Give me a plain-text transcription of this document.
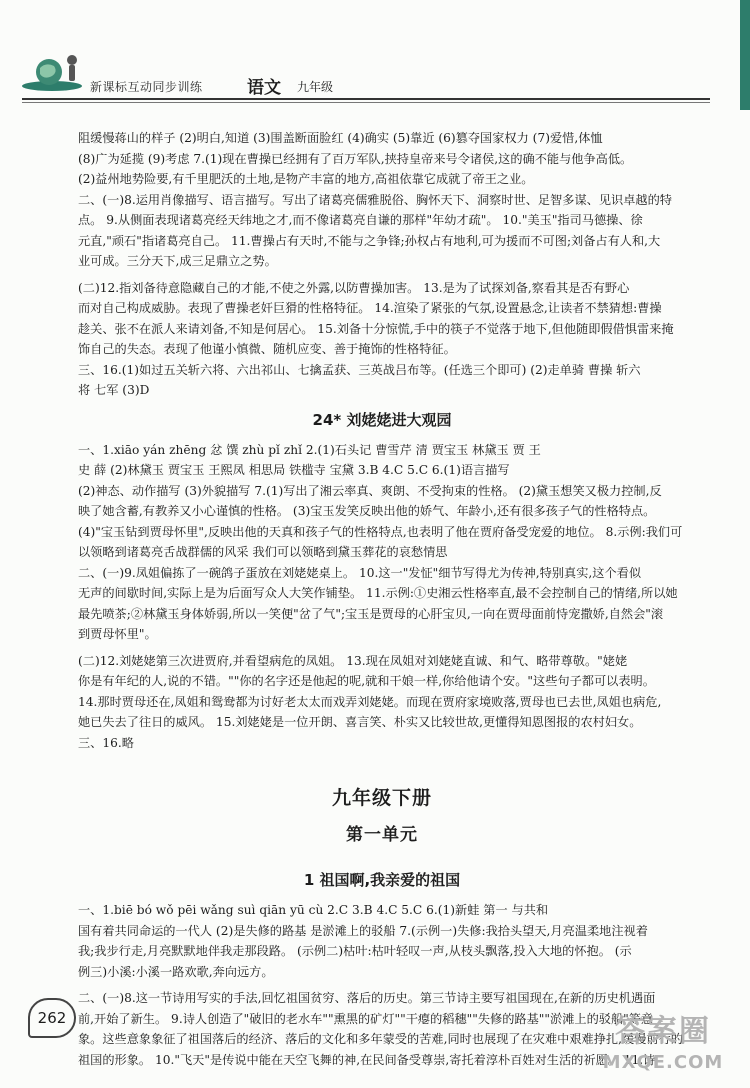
新课标互动同步训练	语文 九年级

阻缓慢蒋山的样子 (2)明白,知道 (3)围盖断面脸红 (4)确实 (5)靠近 (6)篡夺国家权力 (7)爱惜,体恤

(8)广为延揽 (9)考虑 7.(1)现在曹操已经拥有了百万军队,挟持皇帝来号令诸侯,这的确不能与他争高低。

(2)益州地势险要,有千里肥沃的土地,是物产丰富的地方,高祖依靠它成就了帝王之业。

二、(一)8.运用肖像描写、语言描写。写出了诸葛亮儒雅脱俗、胸怀天下、洞察时世、足智多谋、见识卓越的特

点。 9.从侧面表现诸葛亮经天纬地之才,而不像诸葛亮自谦的那样"年幼才疏"。 10."美玉"指司马德操、徐

元直,"顽石"指诸葛亮自己。 11.曹操占有天时,不能与之争锋;孙权占有地利,可为援而不可图;刘备占有人和,大

业可成。三分天下,成三足鼎立之势。

(二)12.指刘备待意隐藏自己的才能,不使之外露,以防曹操加害。 13.是为了试探刘备,察看其是否有野心

而对自己构成威胁。表现了曹操老奸巨猾的性格特征。 14.渲染了紧张的气氛,设置悬念,让读者不禁猜想:曹操

趁关、张不在派人来请刘备,不知是何居心。 15.刘备十分惊慌,手中的筷子不觉落于地下,但他随即假借惧雷来掩

饰自己的失态。表现了他谨小慎微、随机应变、善于掩饰的性格特征。

三、16.(1)如过五关斩六将、六出祁山、七擒孟获、三英战吕布等。(任选三个即可) (2)走单骑 曹操 斩六

将 七军 (3)D

24* 刘姥姥进大观园

一、1.xiāo yán zhēng 忿 馔 zhù pǐ zhǐ 2.(1)石头记 曹雪芹 清 贾宝玉 林黛玉 贾 王

史 薛 (2)林黛玉 贾宝玉 王熙凤 相思局 铁槛寺 宝黛 3.B 4.C 5.C 6.(1)语言描写

(2)神态、动作描写 (3)外貌描写 7.(1)写出了湘云率真、爽朗、不受拘束的性格。 (2)黛玉想笑又极力控制,反

映了她含蓄,有教养又小心谨慎的性格。 (3)宝玉发笑反映出他的娇气、年龄小,还有很多孩子气的性格特点。

(4)"宝玉钻到贾母怀里",反映出他的天真和孩子气的性格特点,也表明了他在贾府备受宠爱的地位。 8.示例:我们可

以领略到诸葛亮舌战群儒的风采 我们可以领略到黛玉葬花的哀愁情思

二、(一)9.凤姐偏拣了一碗鸽子蛋放在刘姥姥桌上。 10.这一"发怔"细节写得尤为传神,特别真实,这个看似

无声的间歇时间,实际上是为后面写众人大笑作铺垫。 11.示例:①史湘云性格率直,最不会控制自己的情绪,所以她

最先喷茶;②林黛玉身体娇弱,所以一笑便"岔了气";宝玉是贾母的心肝宝贝,一向在贾母面前恃宠撒娇,自然会"滚

到贾母怀里"。

(二)12.刘姥姥第三次进贾府,并看望病危的凤姐。 13.现在凤姐对刘姥姥直诚、和气、略带尊敬。"姥姥

你是有年纪的人,说的不错。""你的名字还是他起的呢,就和干娘一样,你给他请个安。"这些句子都可以表明。

14.那时贾母还在,凤姐和鸳鸯都为讨好老太太而戏弄刘姥姥。而现在贾府家境败落,贾母也已去世,凤姐也病危,

她已失去了往日的威风。 15.刘姥姥是一位开朗、喜言笑、朴实又比较世故,更懂得知恩图报的农村妇女。

三、16.略

九年级下册
第一单元
1 祖国啊,我亲爱的祖国

一、1.biē bó wǒ pēi wǎng suì qiān yū cù 2.C 3.B 4.C 5.C 6.(1)新蛙 第一 与共和

国有着共同命运的一代人 (2)是失修的路基 是淤滩上的驳船 7.(示例一)失修:我拾头望天,月亮温柔地注视着

我;我步行走,月亮默默地伴我走那段路。 (示例二)枯叶:枯叶轻叹一声,从枝头飘落,投入大地的怀抱。 (示

例三)小溪:小溪一路欢歌,奔向远方。

二、(一)8.这一节诗用写实的手法,回忆祖国贫穷、落后的历史。第三节诗主要写祖国现在,在新的历史机遇面

前,开始了新生。 9.诗人创造了"破旧的老水车""熏黑的矿灯""干瘪的稻穗""失修的路基""淤滩上的驳船"等意

象。这些意象象征了祖国落后的经济、落后的文化和多年蒙受的苦难,同时也展现了在灾难中艰难挣扎,缓慢前行的

祖国的形象。 10."飞天"是传说中能在天空飞舞的神,在民间备受尊崇,寄托着淳朴百姓对生活的祈愿。 11.诗

262	答案圈
MXQE.COM
